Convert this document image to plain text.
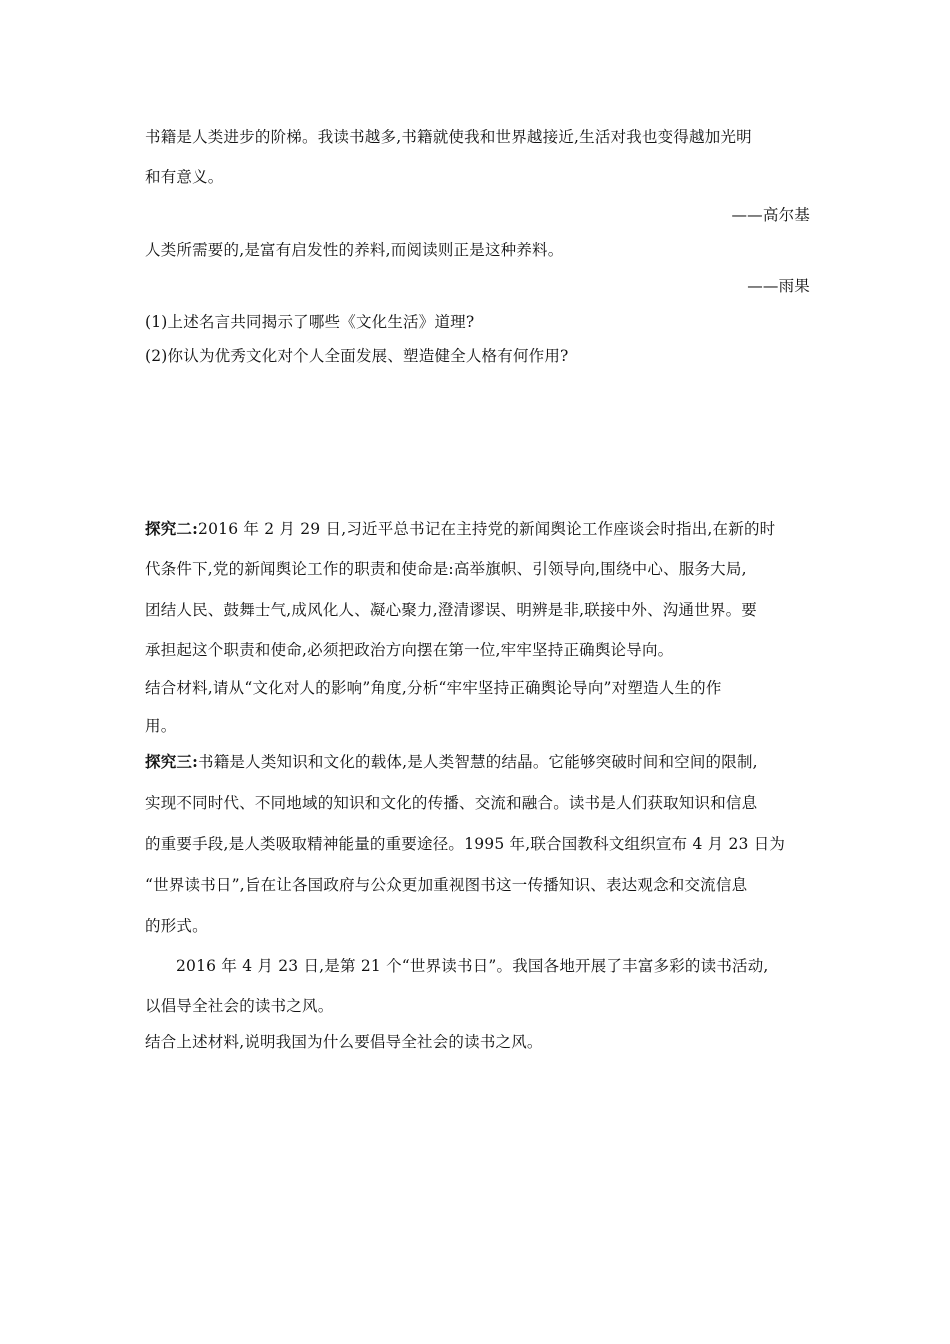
书籍是人类进步的阶梯。我读书越多,书籍就使我和世界越接近,生活对我也变得越加光明
和有意义。
——高尔基
人类所需要的,是富有启发性的养料,而阅读则正是这种养料。
——雨果
(1)上述名言共同揭示了哪些《文化生活》道理?
(2)你认为优秀文化对个人全面发展、塑造健全人格有何作用?
探究二:2016 年 2 月 29 日,习近平总书记在主持党的新闻舆论工作座谈会时指出,在新的时
代条件下,党的新闻舆论工作的职责和使命是:高举旗帜、引领导向,围绕中心、服务大局,
团结人民、鼓舞士气,成风化人、凝心聚力,澄清谬误、明辨是非,联接中外、沟通世界。要
承担起这个职责和使命,必须把政治方向摆在第一位,牢牢坚持正确舆论导向。
结合材料,请从“文化对人的影响”角度,分析“牢牢坚持正确舆论导向”对塑造人生的作
用。
探究三:书籍是人类知识和文化的载体,是人类智慧的结晶。它能够突破时间和空间的限制,
实现不同时代、不同地域的知识和文化的传播、交流和融合。读书是人们获取知识和信息
的重要手段,是人类吸取精神能量的重要途径。1995 年,联合国教科文组织宣布 4 月 23 日为
“世界读书日”,旨在让各国政府与公众更加重视图书这一传播知识、表达观念和交流信息
的形式。
2016 年 4 月 23 日,是第 21 个“世界读书日”。我国各地开展了丰富多彩的读书活动,
以倡导全社会的读书之风。
结合上述材料,说明我国为什么要倡导全社会的读书之风。
